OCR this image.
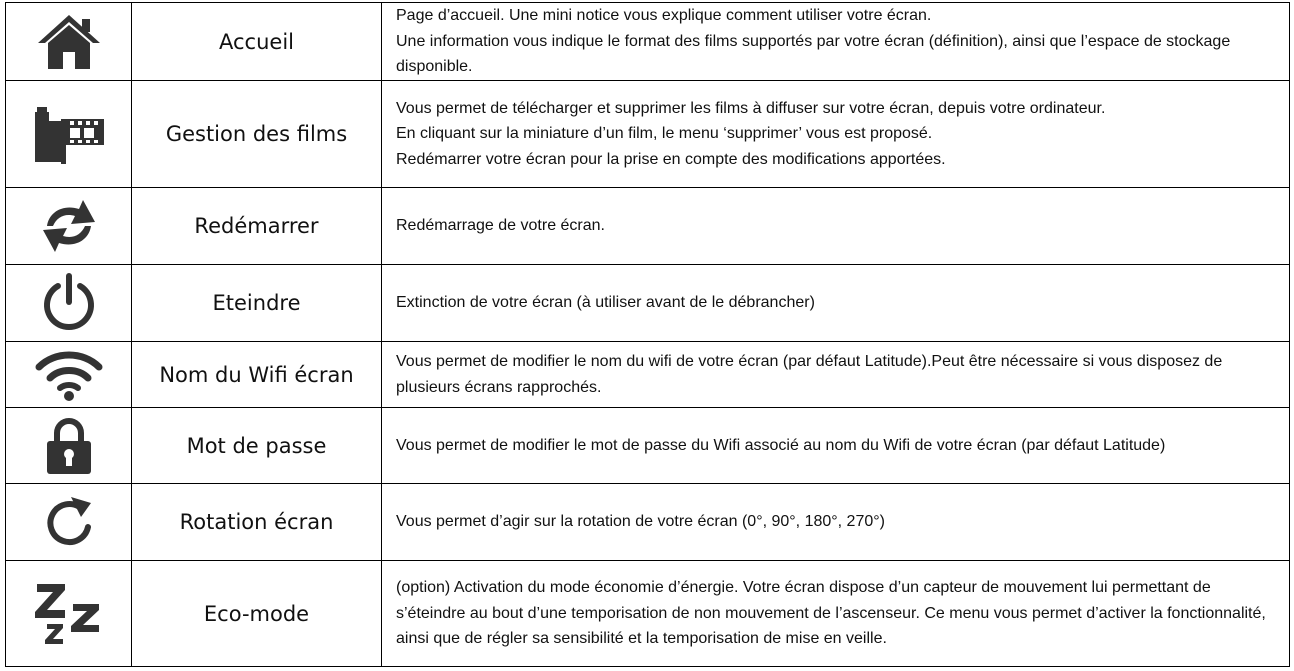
	Accueil	Page d’accueil. Une mini notice vous explique comment utiliser votre écran.
Une information vous indique le format des films supportés par votre écran (définition), ainsi que l’espace de stockage disponible.

	Gestion des films	Vous permet de télécharger et supprimer les films à diffuser sur votre écran, depuis votre ordinateur.
En cliquant sur la miniature d’un film, le menu ‘supprimer’ vous est proposé.
Redémarrer votre écran pour la prise en compte des modifications apportées.

	Redémarrer	Redémarrage de votre écran.

	Eteindre	Extinction de votre écran (à utiliser avant de le débrancher)

	Nom du Wifi écran	Vous permet de modifier le nom du wifi de votre écran (par défaut Latitude).Peut être nécessaire si vous disposez de plusieurs écrans rapprochés.

	Mot de passe	Vous permet de modifier le mot de passe du Wifi associé au nom du Wifi de votre écran (par défaut Latitude)

	Rotation écran	Vous permet d’agir sur la rotation de votre écran (0°, 90°, 180°, 270°)

	Eco-mode	(option) Activation du mode économie d’énergie. Votre écran dispose d’un capteur de mouvement lui permettant de s’éteindre au bout d’une temporisation de non mouvement de l’ascenseur. Ce menu vous permet d’activer la fonctionnalité, ainsi que de régler sa sensibilité et la temporisation de mise en veille.
